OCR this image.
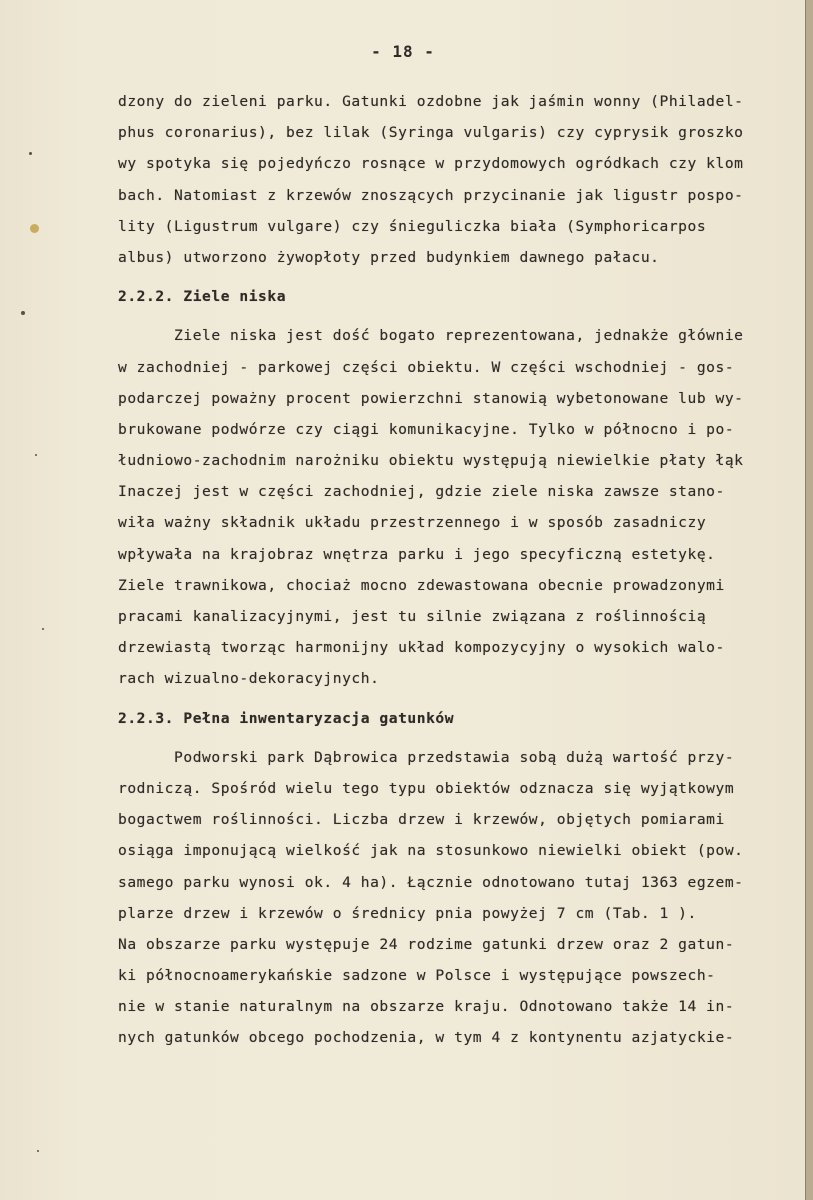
- 18 -
dzony do zieleni parku. Gatunki ozdobne jak jaśmin wonny (Philadel-
phus coronarius), bez lilak (Syringa vulgaris) czy cyprysik groszko
wy spotyka się pojedyńczo rosnące w przydomowych ogródkach czy klom
bach. Natomiast z krzewów znoszących przycinanie jak ligustr pospo-
lity (Ligustrum vulgare) czy śnieguliczka biała (Symphoricarpos
albus) utworzono żywopłoty przed budynkiem dawnego pałacu.
2.2.2. Ziele niska
Ziele niska jest dość bogato reprezentowana, jednakże głównie
w zachodniej - parkowej części obiektu. W części wschodniej - gos-
podarczej poważny procent powierzchni stanowią wybetonowane lub wy-
brukowane podwórze czy ciągi komunikacyjne. Tylko w północno i po-
łudniowo-zachodnim narożniku obiektu występują niewielkie płaty łąk
Inaczej jest w części zachodniej, gdzie ziele niska zawsze stano-
wiła ważny składnik układu przestrzennego i w sposób zasadniczy
wpływała na krajobraz wnętrza parku i jego specyficzną estetykę.
Ziele trawnikowa, chociaż mocno zdewastowana obecnie prowadzonymi
pracami kanalizacyjnymi, jest tu silnie związana z roślinnością
drzewiastą tworząc harmonijny układ kompozycyjny o wysokich walo-
rach wizualno-dekoracyjnych.
2.2.3. Pełna inwentaryzacja gatunków
Podworski park Dąbrowica przedstawia sobą dużą wartość przy-
rodniczą. Spośród wielu tego typu obiektów odznacza się wyjątkowym
bogactwem roślinności. Liczba drzew i krzewów, objętych pomiarami
osiąga imponującą wielkość jak na stosunkowo niewielki obiekt (pow.
samego parku wynosi ok. 4 ha). Łącznie odnotowano tutaj 1363 egzem-
plarze drzew i krzewów o średnicy pnia powyżej 7 cm (Tab. 1 ).
Na obszarze parku występuje 24 rodzime gatunki drzew oraz 2 gatun-
ki północnoamerykańskie sadzone w Polsce i występujące powszech-
nie w stanie naturalnym na obszarze kraju. Odnotowano także 14 in-
nych gatunków obcego pochodzenia, w tym 4 z kontynentu azjatyckie-
